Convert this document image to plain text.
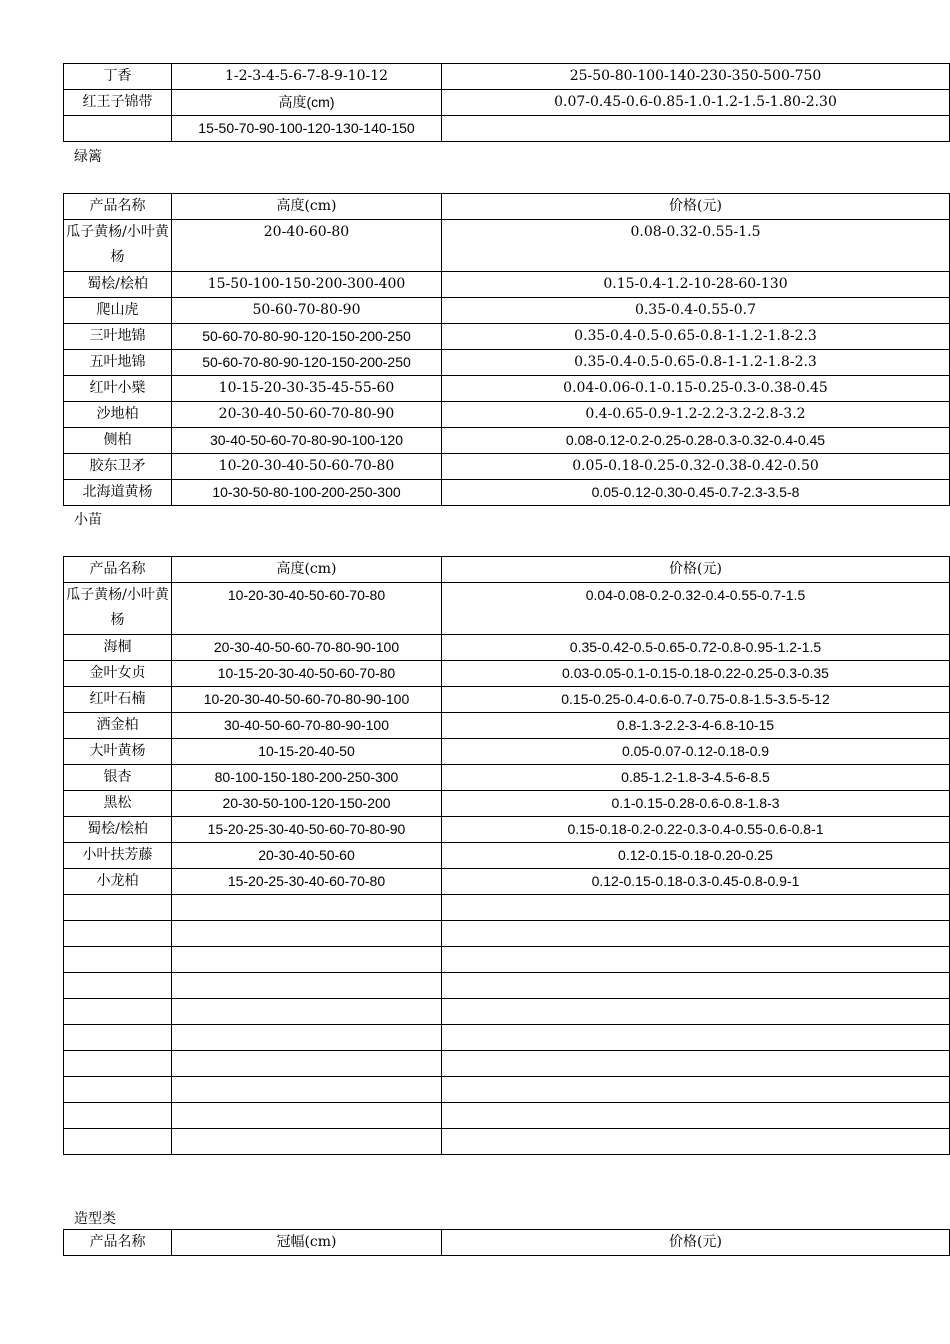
丁香	1-2-3-4-5-6-7-8-9-10-12	25-50-80-100-140-230-350-500-750
红王子锦带	高度(cm)	0.07-0.45-0.6-0.85-1.0-1.2-1.5-1.80-2.30
	15-50-70-90-100-120-130-140-150	
绿篱
产品名称	高度(cm)	价格(元)

瓜子黄杨/小叶黄杨	20-40-60-80	0.08-0.32-0.55-1.5
蜀桧/桧柏	15-50-100-150-200-300-400	0.15-0.4-1.2-10-28-60-130
爬山虎	50-60-70-80-90	0.35-0.4-0.55-0.7
三叶地锦	50-60-70-80-90-120-150-200-250	0.35-0.4-0.5-0.65-0.8-1-1.2-1.8-2.3
五叶地锦	50-60-70-80-90-120-150-200-250	0.35-0.4-0.5-0.65-0.8-1-1.2-1.8-2.3
红叶小檗	10-15-20-30-35-45-55-60	0.04-0.06-0.1-0.15-0.25-0.3-0.38-0.45
沙地柏	20-30-40-50-60-70-80-90	0.4-0.65-0.9-1.2-2.2-3.2-2.8-3.2
侧柏	30-40-50-60-70-80-90-100-120	0.08-0.12-0.2-0.25-0.28-0.3-0.32-0.4-0.45
胶东卫矛	10-20-30-40-50-60-70-80	0.05-0.18-0.25-0.32-0.38-0.42-0.50
北海道黄杨	10-30-50-80-100-200-250-300	0.05-0.12-0.30-0.45-0.7-2.3-3.5-8
小苗
产品名称	高度(cm)	价格(元)

瓜子黄杨/小叶黄杨	10-20-30-40-50-60-70-80	0.04-0.08-0.2-0.32-0.4-0.55-0.7-1.5
海桐	20-30-40-50-60-70-80-90-100	0.35-0.42-0.5-0.65-0.72-0.8-0.95-1.2-1.5
金叶女贞	10-15-20-30-40-50-60-70-80	0.03-0.05-0.1-0.15-0.18-0.22-0.25-0.3-0.35
红叶石楠	10-20-30-40-50-60-70-80-90-100	0.15-0.25-0.4-0.6-0.7-0.75-0.8-1.5-3.5-5-12
洒金柏	30-40-50-60-70-80-90-100	0.8-1.3-2.2-3-4-6.8-10-15
大叶黄杨	10-15-20-40-50	0.05-0.07-0.12-0.18-0.9
银杏	80-100-150-180-200-250-300	0.85-1.2-1.8-3-4.5-6-8.5
黑松	20-30-50-100-120-150-200	0.1-0.15-0.28-0.6-0.8-1.8-3
蜀桧/桧柏	15-20-25-30-40-50-60-70-80-90	0.15-0.18-0.2-0.22-0.3-0.4-0.55-0.6-0.8-1
小叶扶芳藤	20-30-40-50-60	0.12-0.15-0.18-0.20-0.25
小龙柏	15-20-25-30-40-60-70-80	0.12-0.15-0.18-0.3-0.45-0.8-0.9-1

造型类
产品名称	冠幅(cm)	价格(元)
